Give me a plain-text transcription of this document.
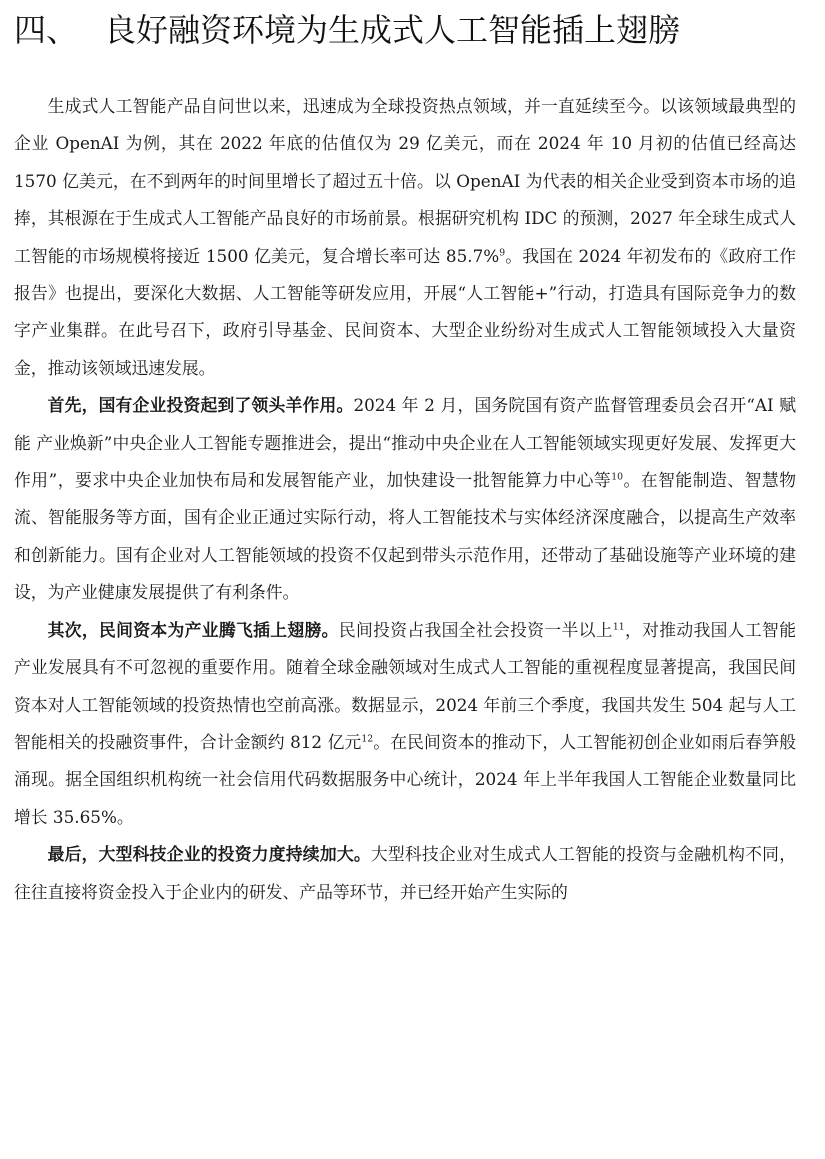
四、 良好融资环境为生成式人工智能插上翅膀

生成式人工智能产品自问世以来，迅速成为全球投资热点领域，并一直延续至今。以该领域最典型的企业 OpenAI 为例，其在 2022 年底的估值仅为 29 亿美元，而在 2024 年 10 月初的估值已经高达 1570 亿美元，在不到两年的时间里增长了超过五十倍。以 OpenAI 为代表的相关企业受到资本市场的追捧，其根源在于生成式人工智能产品良好的市场前景。根据研究机构 IDC 的预测，2027 年全球生成式人工智能的市场规模将接近 1500 亿美元，复合增长率可达 85.7%$^9$。我国在 2024 年初发布的《政府工作报告》也提出，要深化大数据、人工智能等研发应用，开展“人工智能+”行动，打造具有国际竞争力的数字产业集群。在此号召下，政府引导基金、民间资本、大型企业纷纷对生成式人工智能领域投入大量资金，推动该领域迅速发展。

首先，国有企业投资起到了领头羊作用。2024 年 2 月，国务院国有资产监督管理委员会召开“AI 赋能 产业焕新”中央企业人工智能专题推进会，提出“推动中央企业在人工智能领域实现更好发展、发挥更大作用”，要求中央企业加快布局和发展智能产业，加快建设一批智能算力中心等$^{10}$。在智能制造、智慧物流、智能服务等方面，国有企业正通过实际行动，将人工智能技术与实体经济深度融合，以提高生产效率和创新能力。国有企业对人工智能领域的投资不仅起到带头示范作用，还带动了基础设施等产业环境的建设，为产业健康发展提供了有利条件。

其次，民间资本为产业腾飞插上翅膀。民间投资占我国全社会投资一半以上$^{11}$，对推动我国人工智能产业发展具有不可忽视的重要作用。随着全球金融领域对生成式人工智能的重视程度显著提高，我国民间资本对人工智能领域的投资热情也空前高涨。数据显示，2024 年前三个季度，我国共发生 504 起与人工智能相关的投融资事件，合计金额约 812 亿元$^{12}$。在民间资本的推动下，人工智能初创企业如雨后春笋般涌现。据全国组织机构统一社会信用代码数据服务中心统计，2024 年上半年我国人工智能企业数量同比增长 35.65%。

最后，大型科技企业的投资力度持续加大。大型科技企业对生成式人工智能的投资与金融机构不同，往往直接将资金投入于企业内的研发、产品等环节，并已经开始产生实际的
